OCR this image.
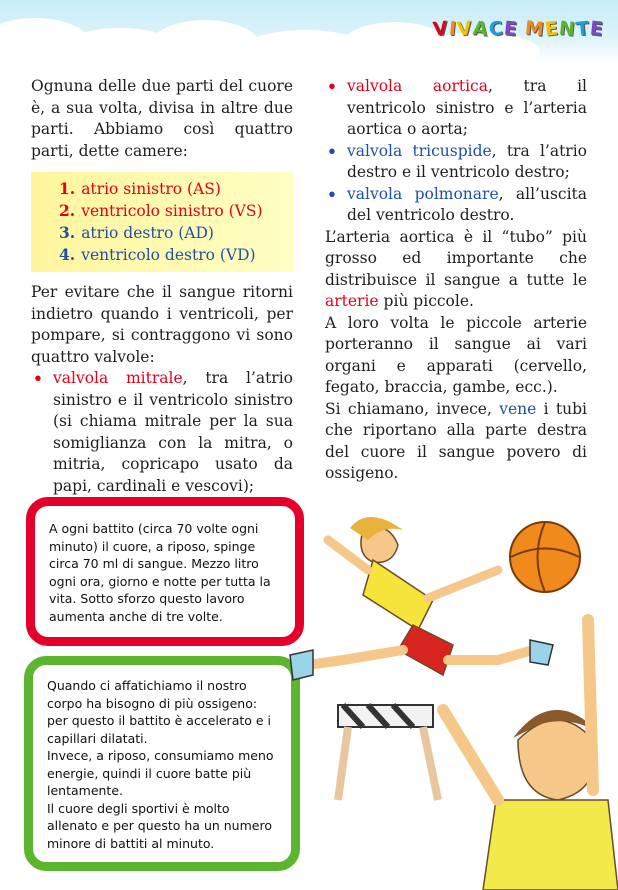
VIVACE MENTE

Ognuna delle due parti del cuore è, a sua volta, divisa in altre due parti. Abbiamo così quattro parti, dette camere:

1. atrio sinistro (AS)
2. ventricolo sinistro (VS)
3. atrio destro (AD)
4. ventricolo destro (VD)

Per evitare che il sangue ritorni indietro quando i ventricoli, per pompare, si contraggono vi sono quattro valvole:

• valvola mitrale, tra l’atrio sinistro e il ventricolo sinistro (si chiama mitrale per la sua somiglianza con la mitra, o mitria, copricapo usato da papi, cardinali e vescovi);
• valvola aortica, tra il ventricolo sinistro e l’arteria aortica o aorta;
• valvola tricuspide, tra l’atrio destro e il ventricolo destro;
• valvola polmonare, all’uscita del ventricolo destro.

L’arteria aortica è il “tubo” più grosso ed importante che distribuisce il sangue a tutte le arterie più piccole.

A loro volta le piccole arterie porteranno il sangue ai vari organi e apparati (cervello, fegato, braccia, gambe, ecc.).

Si chiamano, invece, vene i tubi che riportano alla parte destra del cuore il sangue povero di ossigeno.

A ogni battito (circa 70 volte ogni minuto) il cuore, a riposo, spinge circa 70 ml di sangue. Mezzo litro ogni ora, giorno e notte per tutta la vita. Sotto sforzo questo lavoro aumenta anche di tre volte.

Quando ci affatichiamo il nostro corpo ha bisogno di più ossigeno: per questo il battito è accelerato e i capillari dilatati.

Invece, a riposo, consumiamo meno energie, quindi il cuore batte più lentamente.

Il cuore degli sportivi è molto allenato e per questo ha un numero minore di battiti al minuto.
